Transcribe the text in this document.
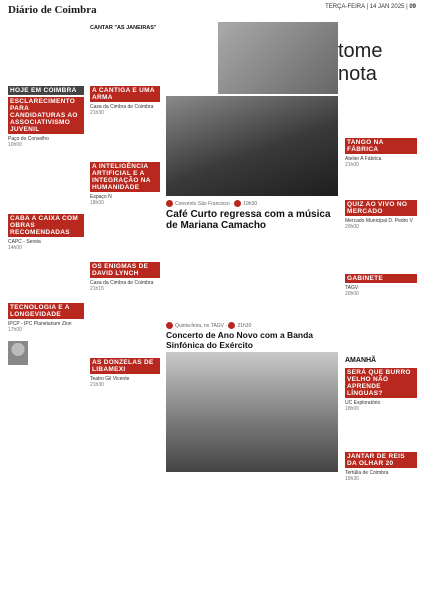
Diário de Coimbra	TERÇA-FEIRA | 14 JAN 2025 | 09
CANTAR "AS JANEIRAS"
tome nota
HOJE EM COIMBRA
ESCLARECIMENTO PARA CANDIDATURAS AO ASSOCIATIVISMO JUVENIL
Paço do Conselho
10h00
CABA A CAIXA COM OBRAS RECOMENDADAS
CAPC - Sereia
14h00
TECNOLOGIA E A LONGEVIDADE
IPCP - IPC Planetarium Zion
17h00
A CANTIGA E UMA ARMA
Casa da Cimbra de Coimbra
21h30
A INTELIGÊNCIA ARTIFICIAL E A INTEGRAÇÃO NA HUMANIDADE
Espaço N
18h00
OS ENIGMAS DE DAVID LYNCH
Casa da Cimbra de Coimbra
21h15
AS DONZELAS DE LIBAMEXI
Teatro Gil Vicente
21h30
Convento São Francisco · 19h30
Café Curto regressa com a música de Mariana Camacho
Quinta-feira, no TAGV · 21h30
Concerto de Ano Novo com a Banda Sinfónica do Exército
TANGO NA FÁBRICA
Atelier A Fábrica
21h00
QUIZ AO VIVO NO MERCADO
Mercado Municipal D. Pedro V
20h00
GABINETE
TAGV
20h00
AMANHÃ
SERÁ QUE BURRO VELHO NÃO APRENDE LÍNGUAS?
UC Exploratório
18h00
JANTAR DE REIS DA OLHAR 20
Tertúlia de Coimbra
19h30
